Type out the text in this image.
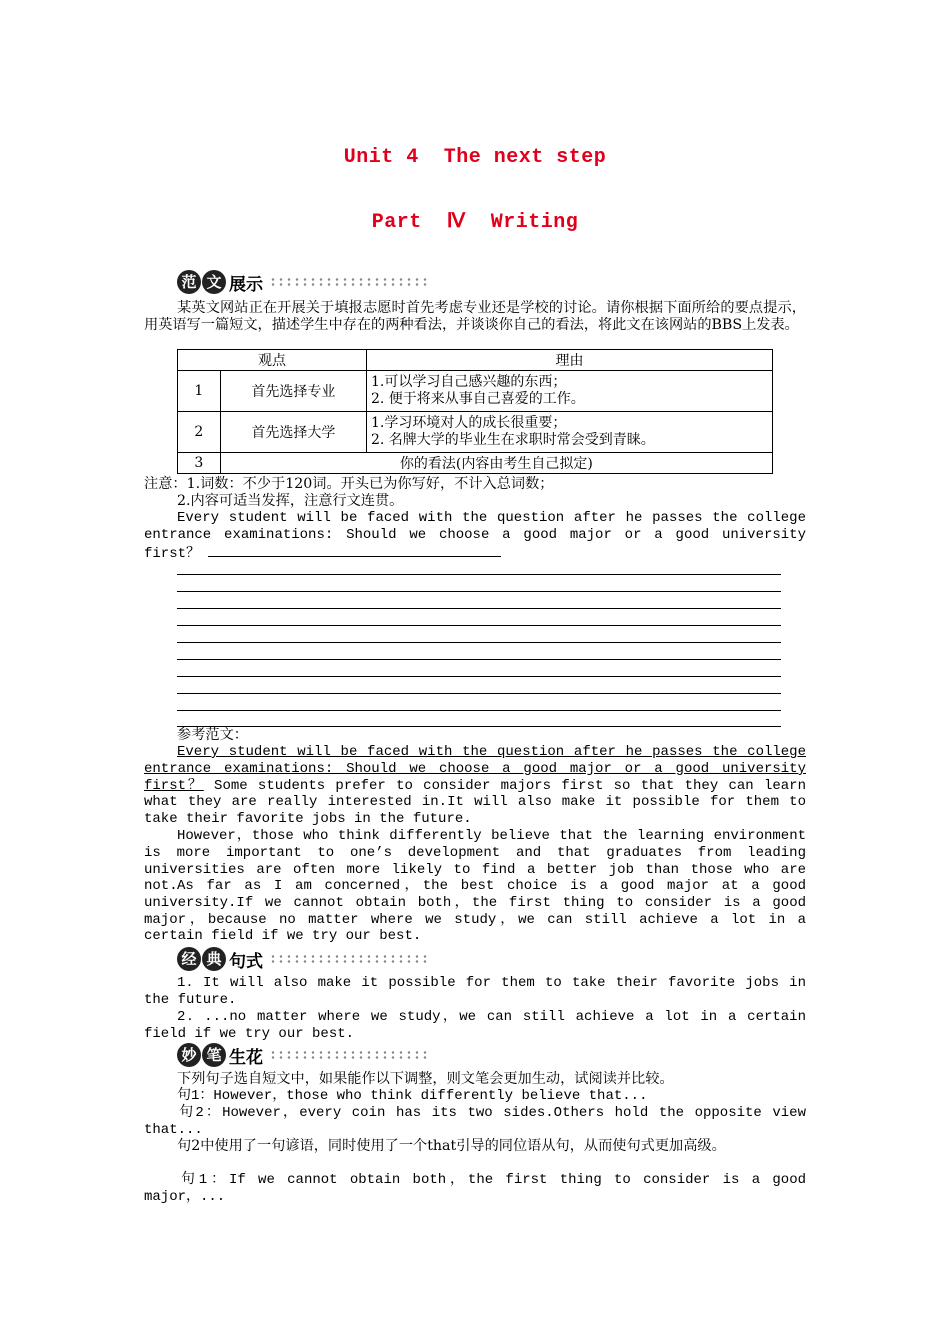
Unit 4  The next step
Part  Ⅳ  Writing
范 文 展示
某英文网站正在开展关于填报志愿时首先考虑专业还是学校的讨论。请你根据下面所给的要点提示，用英语写一篇短文，描述学生中存在的两种看法，并谈谈你自己的看法，将此文在该网站的BBS上发表。
观点		理由
1	首先选择专业	1.可以学习自己感兴趣的东西；
2. 便于将来从事自己喜爱的工作。

2	首先选择大学	1.学习环境对人的成长很重要；
2. 名牌大学的毕业生在求职时常会受到青睐。

3	你的看法(内容由考生自己拟定)	
注意：1.词数：不少于120词。开头已为你写好，不计入总词数；
2.内容可适当发挥，注意行文连贯。
Every student will be faced with the question after he passes the college entrance examinations: Should we choose a good major or a good university first？
参考范文：
Every student will be faced with the question after he passes the college entrance examinations: Should we choose a good major or a good university first？ Some students prefer to consider majors first so that they can learn what they are really interested in.It will also make it possible for them to take their favorite jobs in the future.
However，those who think differently believe that the learning environment is more important to one’s development and that graduates from leading universities are often more likely to find a better job than those who are not. As far as I am concerned，the best choice is a good major at a good university.If we cannot obtain both，the first thing to consider is a good major，because no matter where we study，we can still achieve a lot in a certain field if we try our best.
经 典 句式
1．It will also make it possible for them to take their favorite jobs in the future.
2．...no matter where we study，we can still achieve a lot in a certain field if we try our best.
妙 笔 生花
下列句子选自短文中，如果能作以下调整，则文笔会更加生动，试阅读并比较。
句1：However，those who think differently believe that...
句2：However，every coin has its two sides.Others hold the opposite view that...
句2中使用了一句谚语，同时使用了一个that引导的同位语从句，从而使句式更加高级。
句1：If we cannot obtain both，the first thing to consider is a good major，...
